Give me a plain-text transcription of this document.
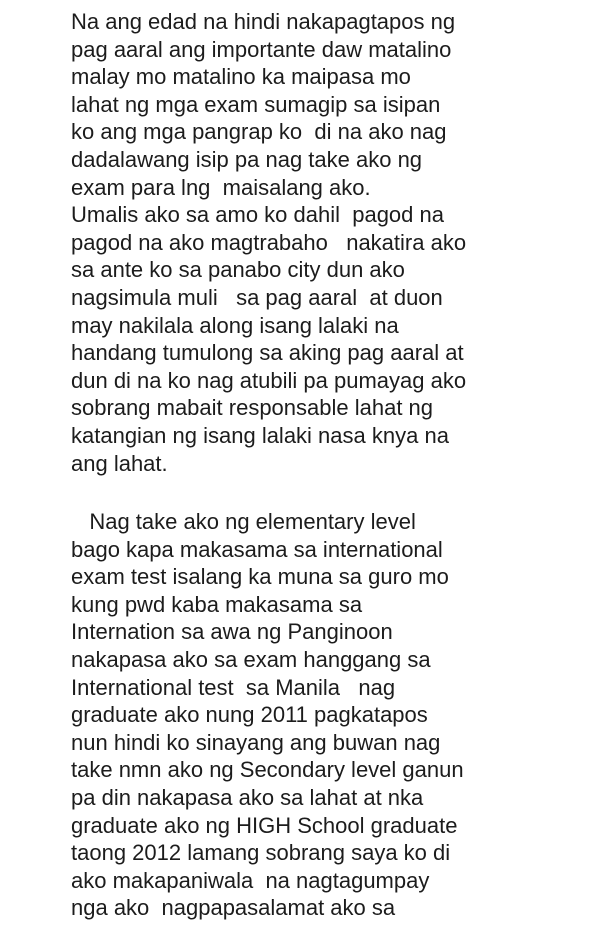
Na ang edad na hindi nakapagtapos ng
pag aaral ang importante daw matalino
malay mo matalino ka maipasa mo
lahat ng mga exam sumagip sa isipan
ko ang mga pangrap ko  di na ako nag
dadalawang isip pa nag take ako ng
exam para lng  maisalang ako.
Umalis ako sa amo ko dahil  pagod na
pagod na ako magtrabaho   nakatira ako
sa ante ko sa panabo city dun ako
nagsimula muli   sa pag aaral  at duon
may nakilala along isang lalaki na
handang tumulong sa aking pag aaral at
dun di na ko nag atubili pa pumayag ako
sobrang mabait responsable lahat ng
katangian ng isang lalaki nasa knya na
ang lahat.

Nag take ako ng elementary level
bago kapa makasama sa international
exam test isalang ka muna sa guro mo
kung pwd kaba makasama sa
Internation sa awa ng Panginoon
nakapasa ako sa exam hanggang sa
International test  sa Manila   nag
graduate ako nung 2011 pagkatapos
nun hindi ko sinayang ang buwan nag
take nmn ako ng Secondary level ganun
pa din nakapasa ako sa lahat at nka
graduate ako ng HIGH School graduate
taong 2012 lamang sobrang saya ko di
ako makapaniwala  na nagtagumpay
nga ako  nagpapasalamat ako sa
